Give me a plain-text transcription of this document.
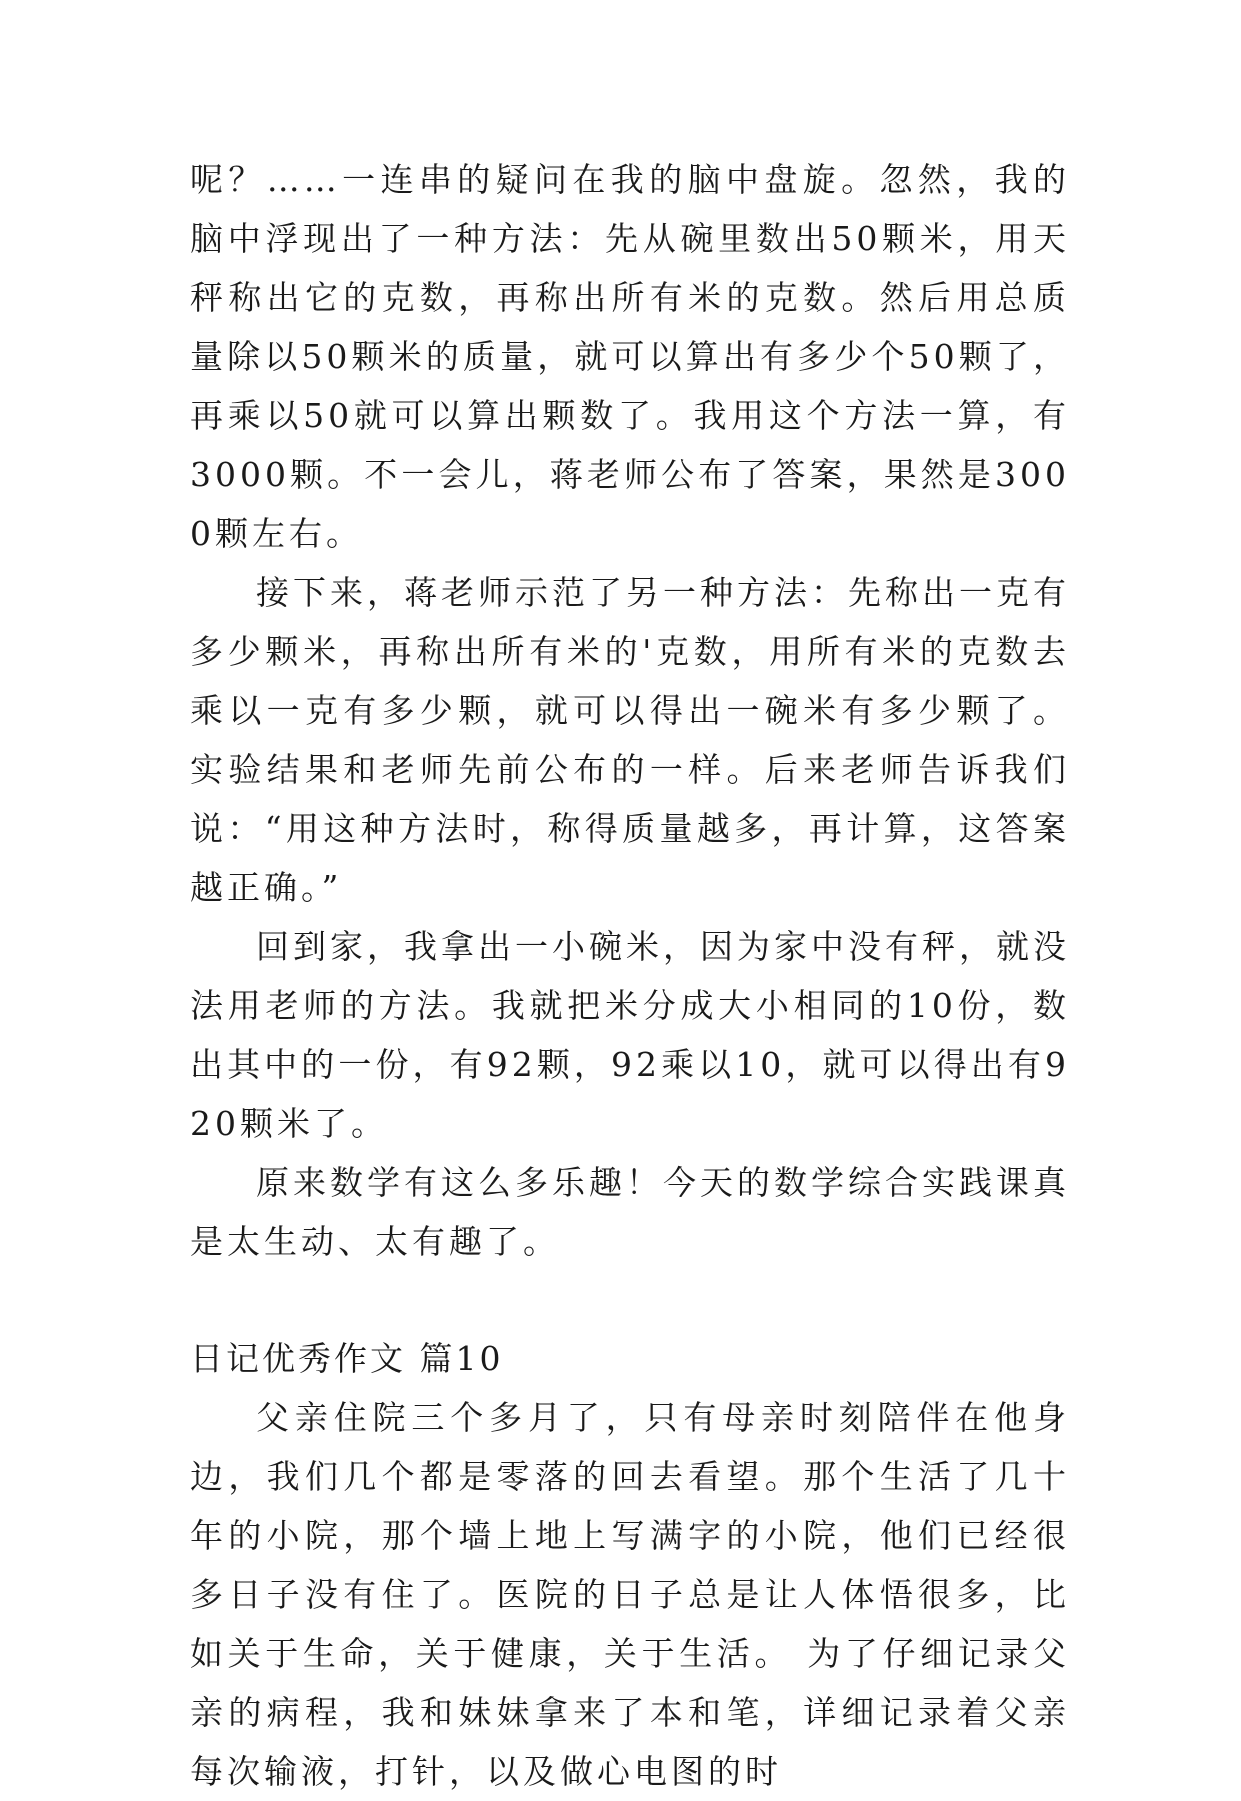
呢？……一连串的疑问在我的脑中盘旋。忽然，我的脑中浮现出了一种方法：先从碗里数出50颗米，用天秤称出它的克数，再称出所有米的克数。然后用总质量除以50颗米的质量，就可以算出有多少个50颗了，再乘以50就可以算出颗数了。我用这个方法一算，有3000颗。不一会儿，蒋老师公布了答案，果然是3000颗左右。

接下来，蒋老师示范了另一种方法：先称出一克有多少颗米，再称出所有米的'克数，用所有米的克数去乘以一克有多少颗，就可以得出一碗米有多少颗了。实验结果和老师先前公布的一样。后来老师告诉我们说：“用这种方法时，称得质量越多，再计算，这答案越正确。”

回到家，我拿出一小碗米，因为家中没有秤，就没法用老师的方法。我就把米分成大小相同的10份，数出其中的一份，有92颗，92乘以10，就可以得出有920颗米了。

原来数学有这么多乐趣！今天的数学综合实践课真是太生动、太有趣了。

日记优秀作文 篇10

父亲住院三个多月了，只有母亲时刻陪伴在他身边，我们几个都是零落的回去看望。那个生活了几十年的小院，那个墙上地上写满字的小院，他们已经很多日子没有住了。医院的日子总是让人体悟很多，比如关于生命，关于健康，关于生活。 为了仔细记录父亲的病程，我和妹妹拿来了本和笔，详细记录着父亲每次输液，打针，以及做心电图的时
